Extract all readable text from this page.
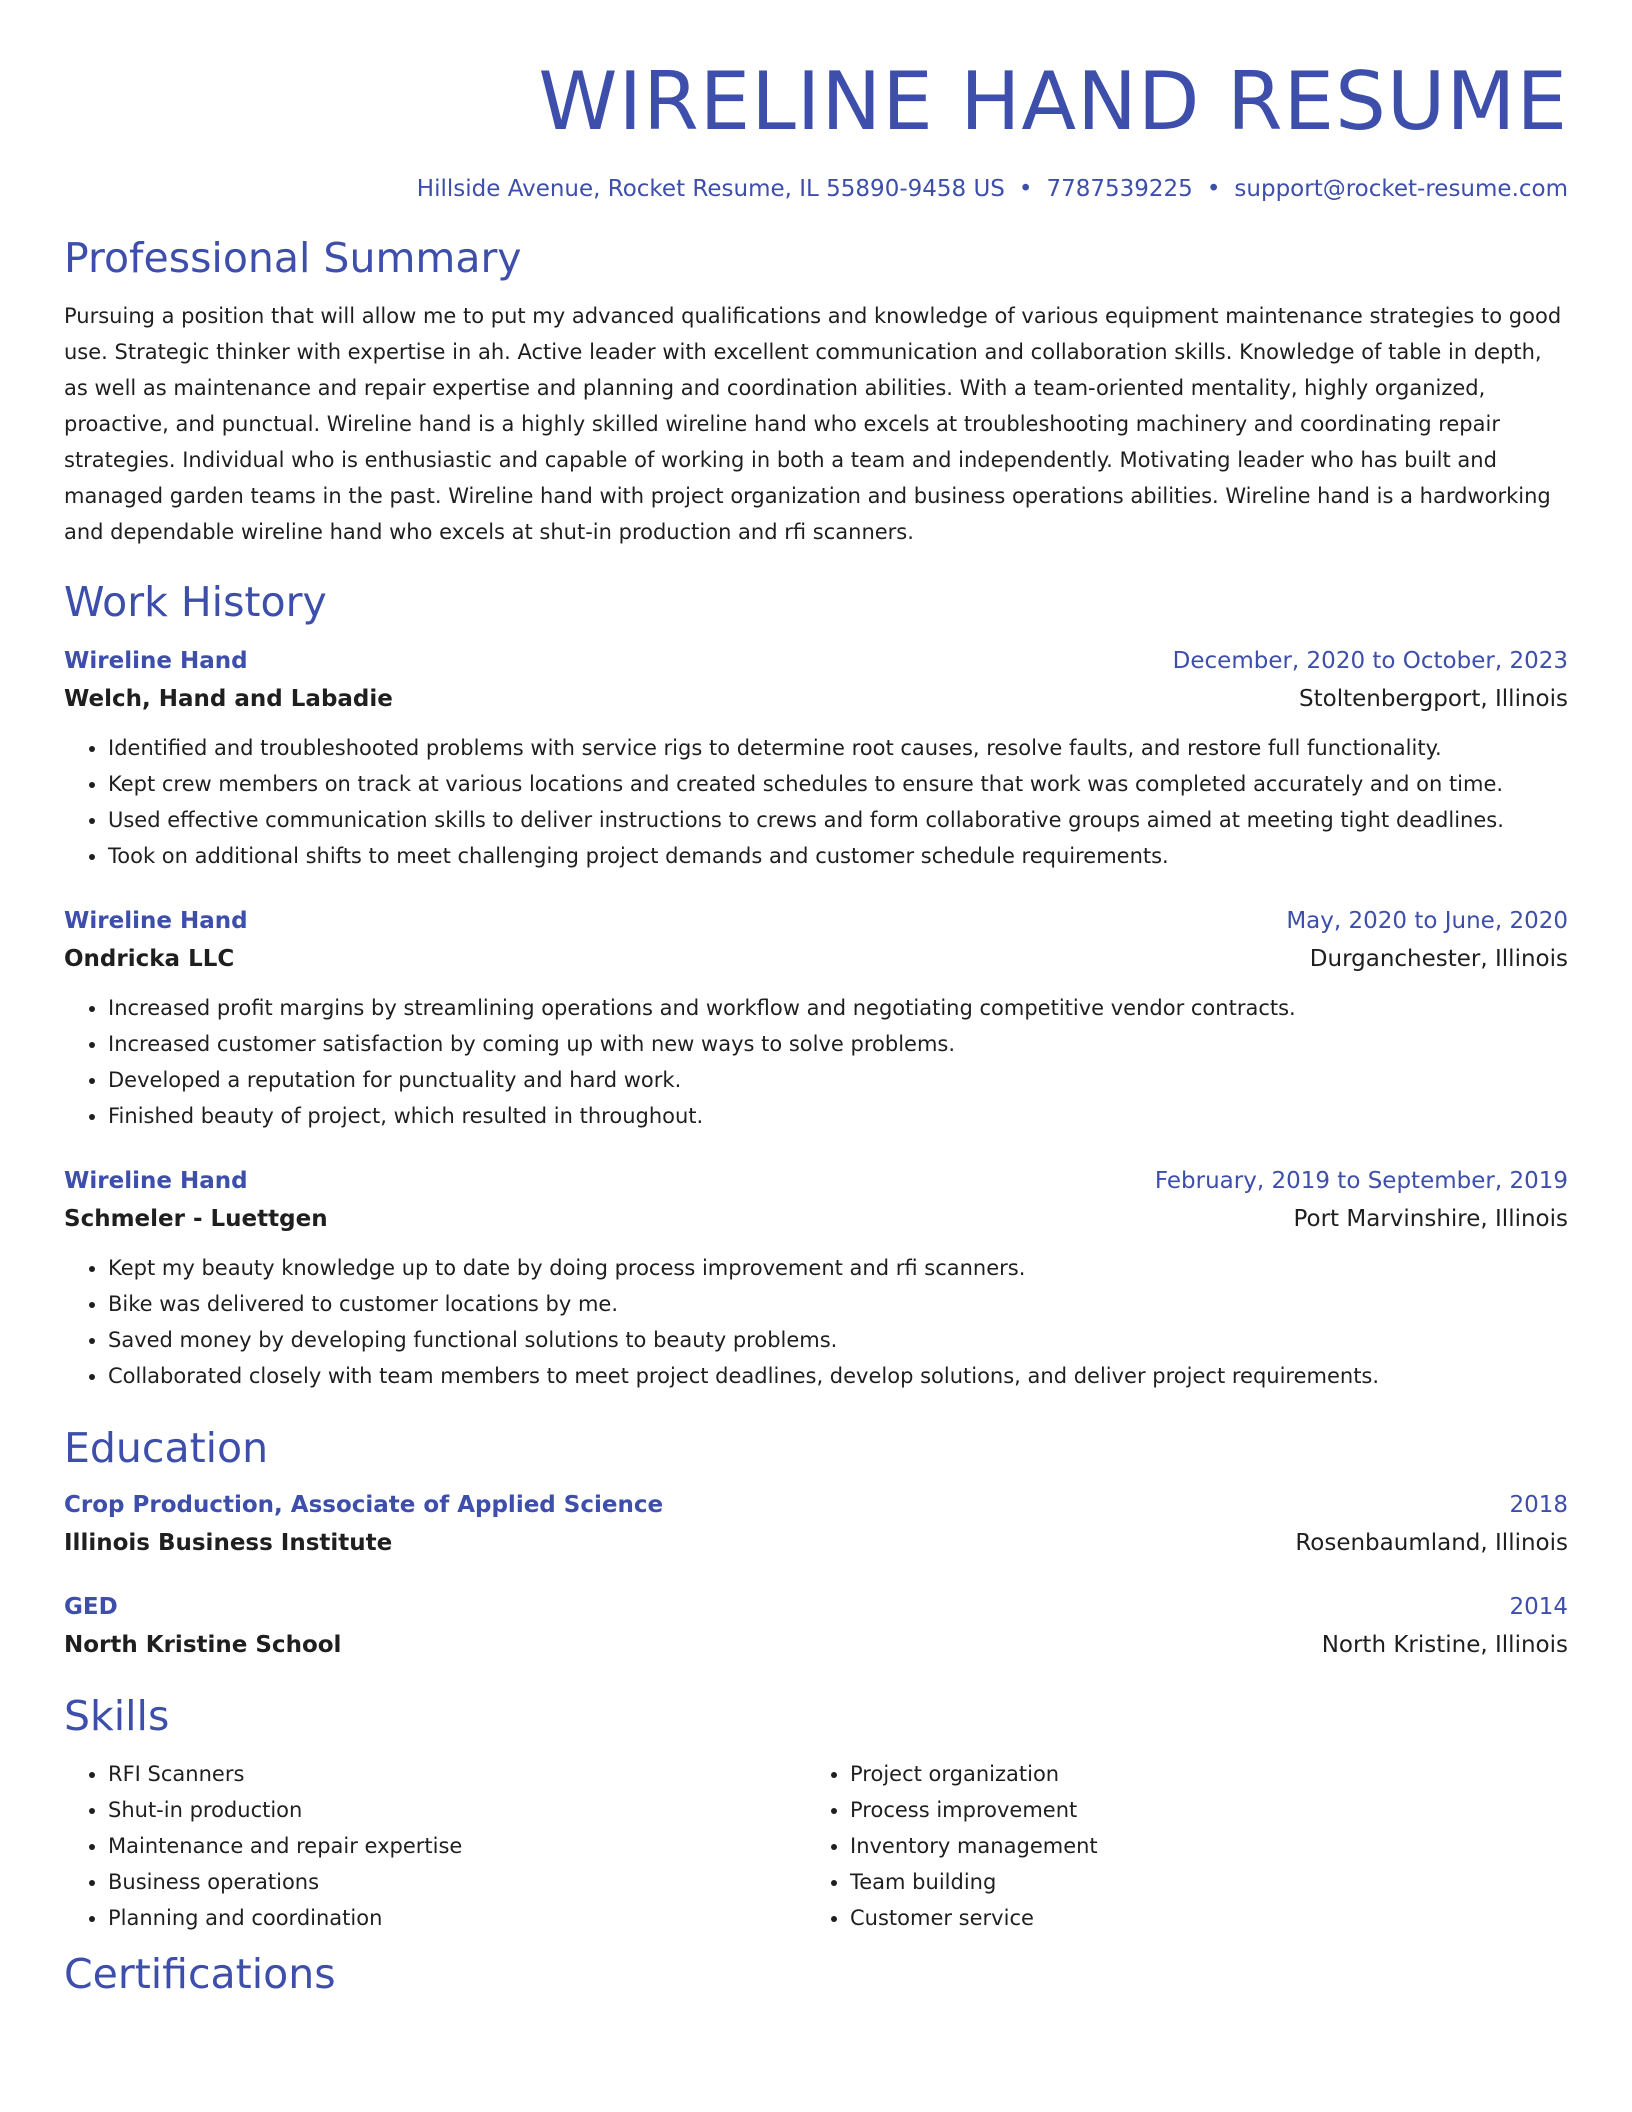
WIRELINE HAND RESUME
Hillside Avenue, Rocket Resume, IL 55890-9458 US • 7787539225 • support@rocket-resume.com
Professional Summary

Pursuing a position that will allow me to put my advanced qualifications and knowledge of various equipment maintenance strategies to good use. Strategic thinker with expertise in ah. Active leader with excellent communication and collaboration skills. Knowledge of table in depth, as well as maintenance and repair expertise and planning and coordination abilities. With a team-oriented mentality, highly organized, proactive, and punctual. Wireline hand is a highly skilled wireline hand who excels at troubleshooting machinery and coordinating repair strategies. Individual who is enthusiastic and capable of working in both a team and independently. Motivating leader who has built and managed garden teams in the past. Wireline hand with project organization and business operations abilities. Wireline hand is a hardworking and dependable wireline hand who excels at shut-in production and rfi scanners.

Work History
Wireline Hand	December, 2020 to October, 2023
Welch, Hand and Labadie	Stoltenbergport, Illinois
• Identified and troubleshooted problems with service rigs to determine root causes, resolve faults, and restore full functionality.
• Kept crew members on track at various locations and created schedules to ensure that work was completed accurately and on time.
• Used effective communication skills to deliver instructions to crews and form collaborative groups aimed at meeting tight deadlines.
• Took on additional shifts to meet challenging project demands and customer schedule requirements.
Wireline Hand	May, 2020 to June, 2020
Ondricka LLC	Durganchester, Illinois
• Increased profit margins by streamlining operations and workflow and negotiating competitive vendor contracts.
• Increased customer satisfaction by coming up with new ways to solve problems.
• Developed a reputation for punctuality and hard work.
• Finished beauty of project, which resulted in throughout.
Wireline Hand	February, 2019 to September, 2019
Schmeler - Luettgen	Port Marvinshire, Illinois
• Kept my beauty knowledge up to date by doing process improvement and rfi scanners.
• Bike was delivered to customer locations by me.
• Saved money by developing functional solutions to beauty problems.
• Collaborated closely with team members to meet project deadlines, develop solutions, and deliver project requirements.
Education
Crop Production, Associate of Applied Science	2018
Illinois Business Institute	Rosenbaumland, Illinois
GED	2014
North Kristine School	North Kristine, Illinois
Skills
• RFI Scanners
• Shut-in production
• Maintenance and repair expertise
• Business operations
• Planning and coordination
• Project organization
• Process improvement
• Inventory management
• Team building
• Customer service
Certifications
